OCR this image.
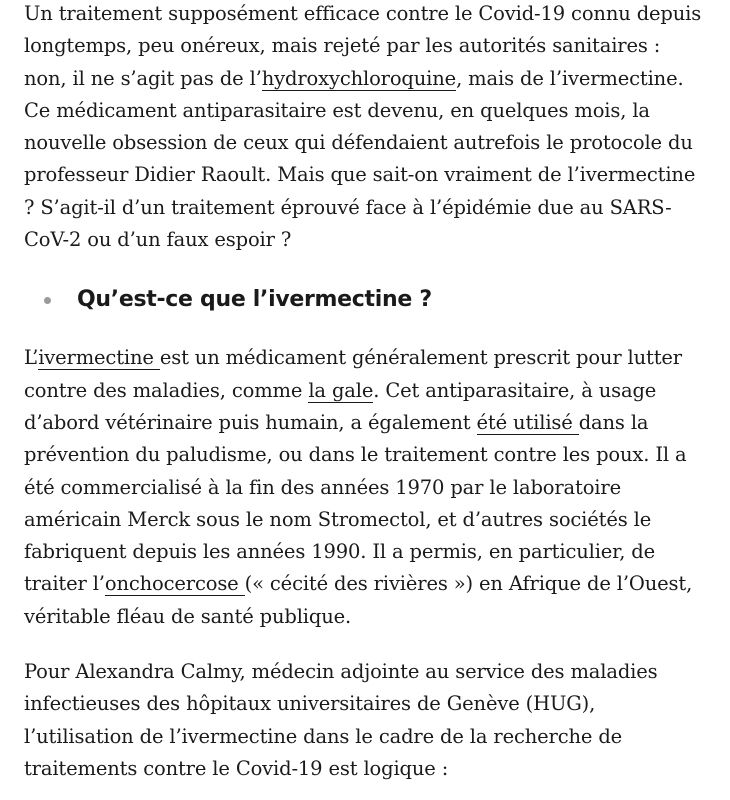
Un traitement supposément efficace contre le Covid-19 connu depuis longtemps, peu onéreux, mais rejeté par les autorités sanitaires : non, il ne s’agit pas de l’hydroxychloroquine, mais de l’ivermectine. Ce médicament antiparasitaire est devenu, en quelques mois, la nouvelle obsession de ceux qui défendaient autrefois le protocole du professeur Didier Raoult. Mais que sait-on vraiment de l’ivermectine ? S’agit-il d’un traitement éprouvé face à l’épidémie due au SARS-CoV-2 ou d’un faux espoir ?

Qu’est-ce que l’ivermectine ?

L’ivermectine est un médicament généralement prescrit pour lutter contre des maladies, comme la gale. Cet antiparasitaire, à usage d’abord vétérinaire puis humain, a également été utilisé dans la prévention du paludisme, ou dans le traitement contre les poux. Il a été commercialisé à la fin des années 1970 par le laboratoire américain Merck sous le nom Stromectol, et d’autres sociétés le fabriquent depuis les années 1990. Il a permis, en particulier, de traiter l’onchocercose (« cécité des rivières ») en Afrique de l’Ouest, véritable fléau de santé publique.

Pour Alexandra Calmy, médecin adjointe au service des maladies infectieuses des hôpitaux universitaires de Genève (HUG), l’utilisation de l’ivermectine dans le cadre de la recherche de traitements contre le Covid-19 est logique :
